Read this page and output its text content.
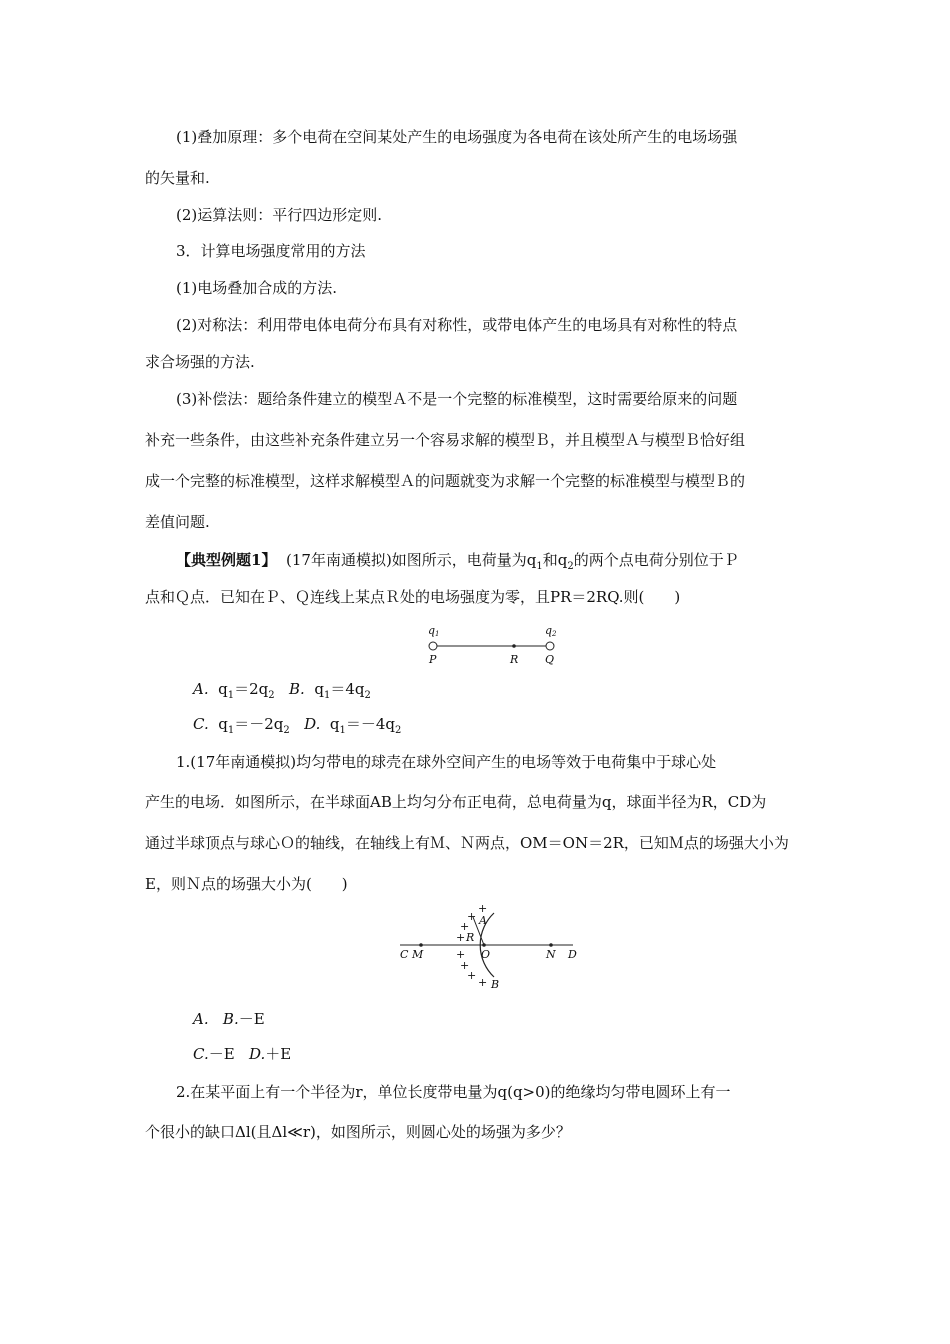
(1)叠加原理：多个电荷在空间某处产生的电场强度为各电荷在该处所产生的电场场强
的矢量和.
(2)运算法则：平行四边形定则.
3．计算电场强度常用的方法
(1)电场叠加合成的方法.
(2)对称法：利用带电体电荷分布具有对称性，或带电体产生的电场具有对称性的特点
求合场强的方法.
(3)补偿法：题给条件建立的模型Ａ不是一个完整的标准模型，这时需要给原来的问题
补充一些条件，由这些补充条件建立另一个容易求解的模型Ｂ，并且模型Ａ与模型Ｂ恰好组
成一个完整的标准模型，这样求解模型Ａ的问题就变为求解一个完整的标准模型与模型Ｂ的
差值问题.
【典型例题1】 (17年南通模拟)如图所示，电荷量为$q_1$和$q_2$的两个点电荷分别位于Ｐ
点和Ｑ点．已知在Ｐ、Ｑ连线上某点Ｒ处的电场强度为零，且PR＝2RQ.则(　　)
q1	q2
P	R Q
A. $q_1=2q_2$ B. $q_1=4q_2$
C. $q_1=-2q_2$ D. $q_1=-4q_2$
1.(17年南通模拟)均匀带电的球壳在球外空间产生的电场等效于电荷集中于球心处
产生的电场．如图所示，在半球面AB上均匀分布正电荷，总电荷量为q，球面半径为R，CD为
通过半球顶点与球心Ｏ的轴线，在轴线上有Ｍ、Ｎ两点，OM＝ON＝2R，已知Ｍ点的场强大小为
E，则Ｎ点的场强大小为(　　)
+
+
+
+
+
+
+
+
A
R
C M	O	N D
B
A. B.－E
C.－E D.＋E
2.在某平面上有一个半径为r，单位长度带电量为q(q>0)的绝缘均匀带电圆环上有一
个很小的缺口Δl(且Δl≪r)，如图所示，则圆心处的场强为多少？
